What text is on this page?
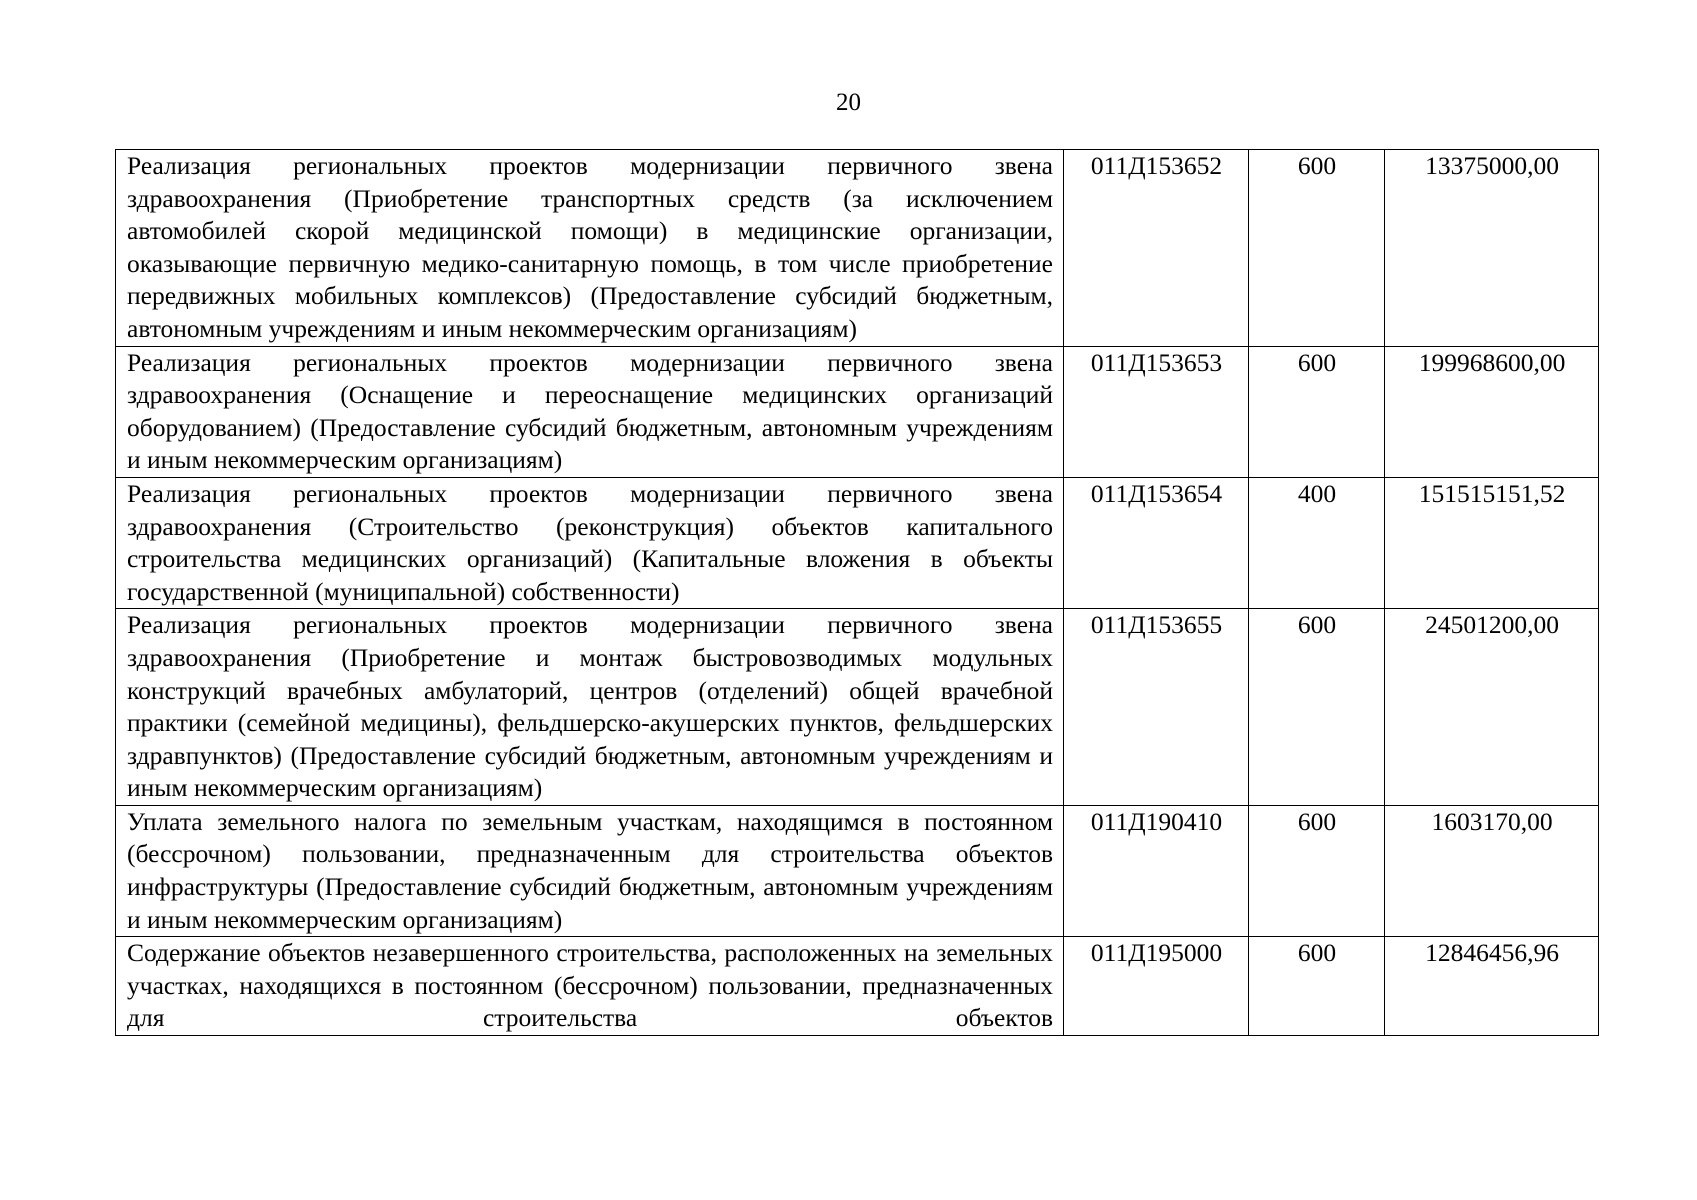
20
Реализация региональных проектов модернизации первичного звена здравоохранения (Приобретение транспортных средств (за исключением автомобилей скорой медицинской помощи) в медицинские организации, оказывающие первичную медико-санитарную помощь, в том числе приобретение передвижных мобильных комплексов) (Предоставление субсидий бюджетным, автономным учреждениям и иным некоммерческим организациям)	011Д153652	600	13375000,00
Реализация региональных проектов модернизации первичного звена здравоохранения (Оснащение и переоснащение медицинских организаций оборудованием) (Предоставление субсидий бюджетным, автономным учреждениям и иным некоммерческим организациям)	011Д153653	600	199968600,00
Реализация региональных проектов модернизации первичного звена здравоохранения (Строительство (реконструкция) объектов капитального строительства медицинских организаций) (Капитальные вложения в объекты государственной (муниципальной) собственности)	011Д153654	400	151515151,52
Реализация региональных проектов модернизации первичного звена здравоохранения (Приобретение и монтаж быстровозводимых модульных конструкций врачебных амбулаторий, центров (отделений) общей врачебной практики (семейной медицины), фельдшерско-акушерских пунктов, фельдшерских здравпунктов) (Предоставление субсидий бюджетным, автономным учреждениям и иным некоммерческим организациям)	011Д153655	600	24501200,00
Уплата земельного налога по земельным участкам, находящимся в постоянном (бессрочном) пользовании, предназначенным для строительства объектов инфраструктуры (Предоставление субсидий бюджетным, автономным учреждениям и иным некоммерческим организациям)	011Д190410	600	1603170,00
Содержание объектов незавершенного строительства, расположенных на земельных участках, находящихся в постоянном (бессрочном) пользовании, предназначенных для строительства объектов	011Д195000	600	12846456,96
